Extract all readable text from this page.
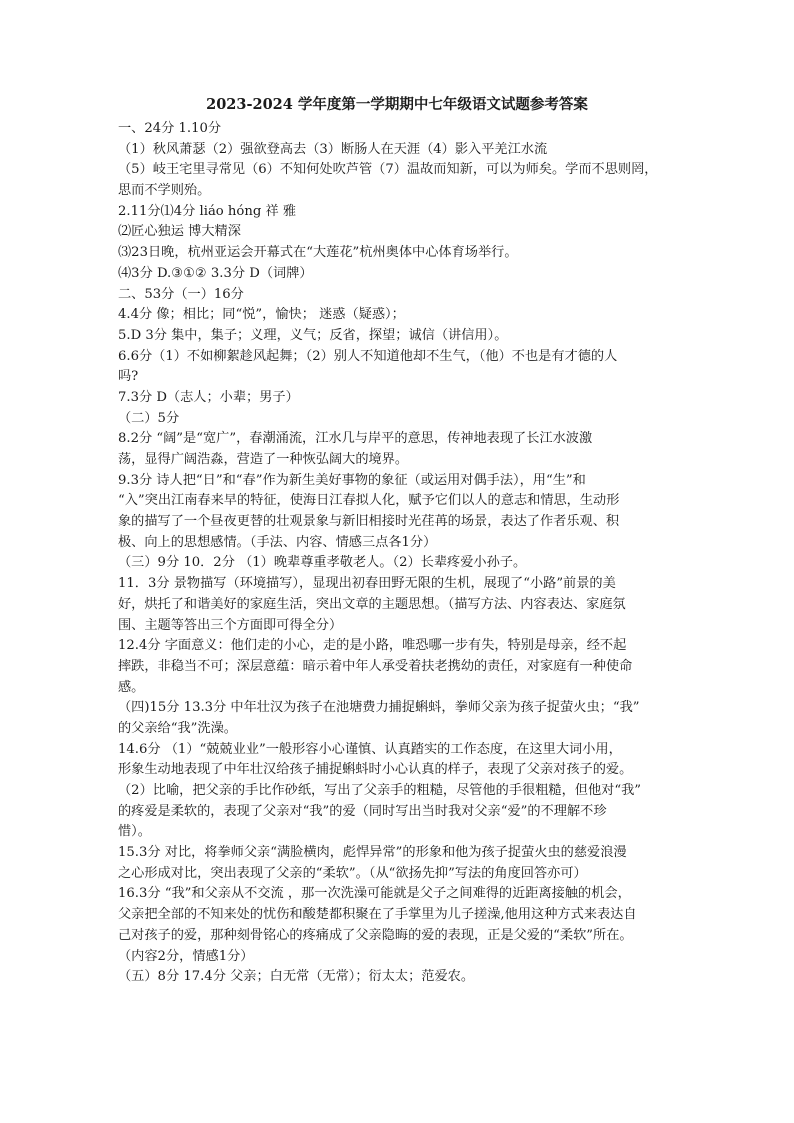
2023-2024 学年度第一学期期中七年级语文试题参考答案
一、24分 1.10分
（1）秋风萧瑟（2）强欲登高去（3）断肠人在天涯（4）影入平羌江水流
（5）岐王宅里寻常见（6）不知何处吹芦管（7）温故而知新，可以为师矣。学而不思则罔，
思而不学则殆。
2.11分⑴4分 liáo hóng 祥 雅
⑵匠心独运 博大精深
⑶23日晚，杭州亚运会开幕式在“大莲花”杭州奥体中心体育场举行。
⑷3分 D.③①② 3.3分 D（词牌）
二、53分（一）16分
4.4分 像；相比；同“悦”，愉快； 迷惑（疑惑）；
5.D 3分 集中，集子；义理，义气；反省，探望；诚信（讲信用）。
6.6分（1）不如柳絮趁风起舞；（2）别人不知道他却不生气，（他）不也是有才德的人
吗?
7.3分 D（志人；小辈；男子）
（二）5分
8.2分 “阔”是“宽广”，春潮涌流，江水几与岸平的意思，传神地表现了长江水波激
荡，显得广阔浩淼，营造了一种恢弘阔大的境界。
9.3分 诗人把“日”和“春”作为新生美好事物的象征（或运用对偶手法），用“生”和
“入”突出江南春来早的特征，使海日江春拟人化，赋予它们以人的意志和情思，生动形
象的描写了一个昼夜更替的壮观景象与新旧相接时光荏苒的场景，表达了作者乐观、积
极、向上的思想感情。（手法、内容、情感三点各1分）
（三）9分 10．2分 （1）晚辈尊重孝敬老人。（2）长辈疼爱小孙子。
11．3分 景物描写（环境描写），显现出初春田野无限的生机，展现了“小路”前景的美
好，烘托了和谐美好的家庭生活，突出文章的主题思想。（描写方法、内容表达、家庭氛
围、主题等答出三个方面即可得全分）
12.4分 字面意义：他们走的小心，走的是小路，唯恐哪一步有失，特别是母亲，经不起
摔跌，非稳当不可；深层意蕴：暗示着中年人承受着扶老携幼的责任，对家庭有一种使命
感。
（四)15分 13.3分 中年壮汉为孩子在池塘费力捕捉蝌蚪，拳师父亲为孩子捉萤火虫；“我”
的父亲给“我”洗澡。
14.6分 （1）“兢兢业业”一般形容小心谨慎、认真踏实的工作态度，在这里大词小用，
形象生动地表现了中年壮汉给孩子捕捉蝌蚪时小心认真的样子，表现了父亲对孩子的爱。
（2）比喻，把父亲的手比作砂纸，写出了父亲手的粗糙，尽管他的手很粗糙，但他对“我”
的疼爱是柔软的，表现了父亲对“我”的爱（同时写出当时我对父亲“爱”的不理解不珍
惜）。
15.3分 对比，将拳师父亲“满脸横肉，彪悍异常”的形象和他为孩子捉萤火虫的慈爱浪漫
之心形成对比，突出表现了父亲的“柔软”。（从“欲扬先抑”写法的角度回答亦可）
16.3分 “我”和父亲从不交流 ，那一次洗澡可能就是父子之间难得的近距离接触的机会，
父亲把全部的不知来处的忧伤和酸楚都积聚在了手掌里为儿子搓澡,他用这种方式来表达自
己对孩子的爱，那种刻骨铭心的疼痛成了父亲隐晦的爱的表现，正是父爱的“柔软”所在。
（内容2分，情感1分）
（五）8分 17.4分 父亲；白无常（无常）；衍太太；范爱农。
